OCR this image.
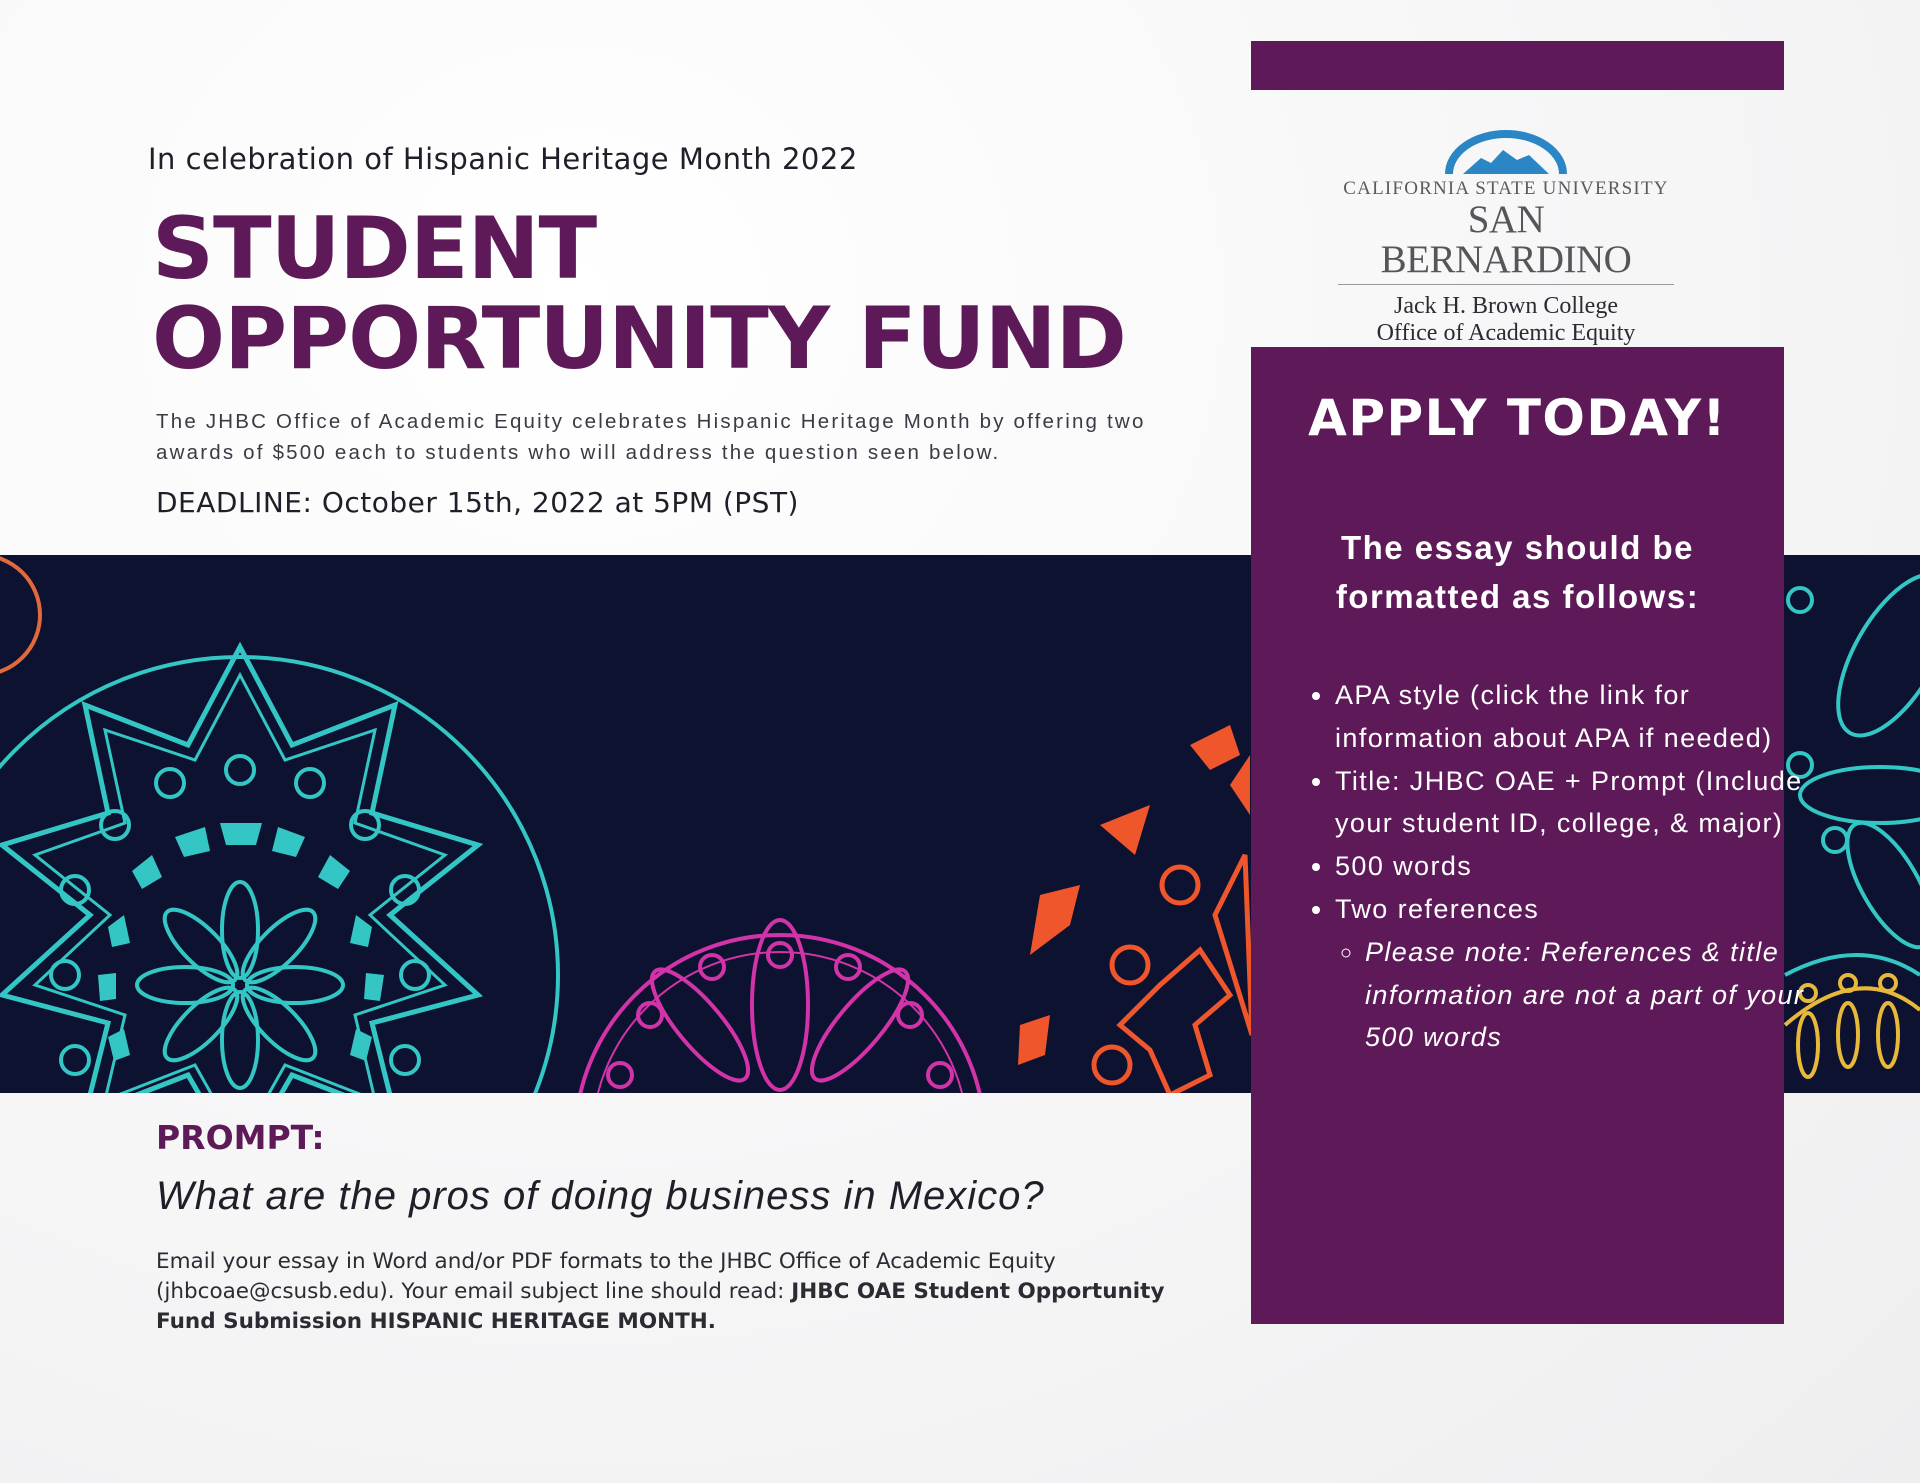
In celebration of Hispanic Heritage Month 2022
STUDENT
OPPORTUNITY FUND
The JHBC Office of Academic Equity celebrates Hispanic Heritage Month by offering two awards of $500 each to students who will address the question seen below.
DEADLINE: October 15th, 2022 at 5PM (PST)
CALIFORNIA STATE UNIVERSITY
SAN BERNARDINO
Jack H. Brown College
Office of Academic Equity
APPLY TODAY!
The essay should be
formatted as follows:
• APA style (click the link for information about APA if needed)
• Title: JHBC OAE + Prompt (Include your student ID, college, & major)
• 500 words
• Two references
◦ Please note: References & title information are not a part of your 500 words
PROMPT:
What are the pros of doing business in Mexico?
Email your essay in Word and/or PDF formats to the JHBC Office of Academic Equity (jhbcoae@csusb.edu). Your email subject line should read: JHBC OAE Student Opportunity Fund Submission HISPANIC HERITAGE MONTH.
